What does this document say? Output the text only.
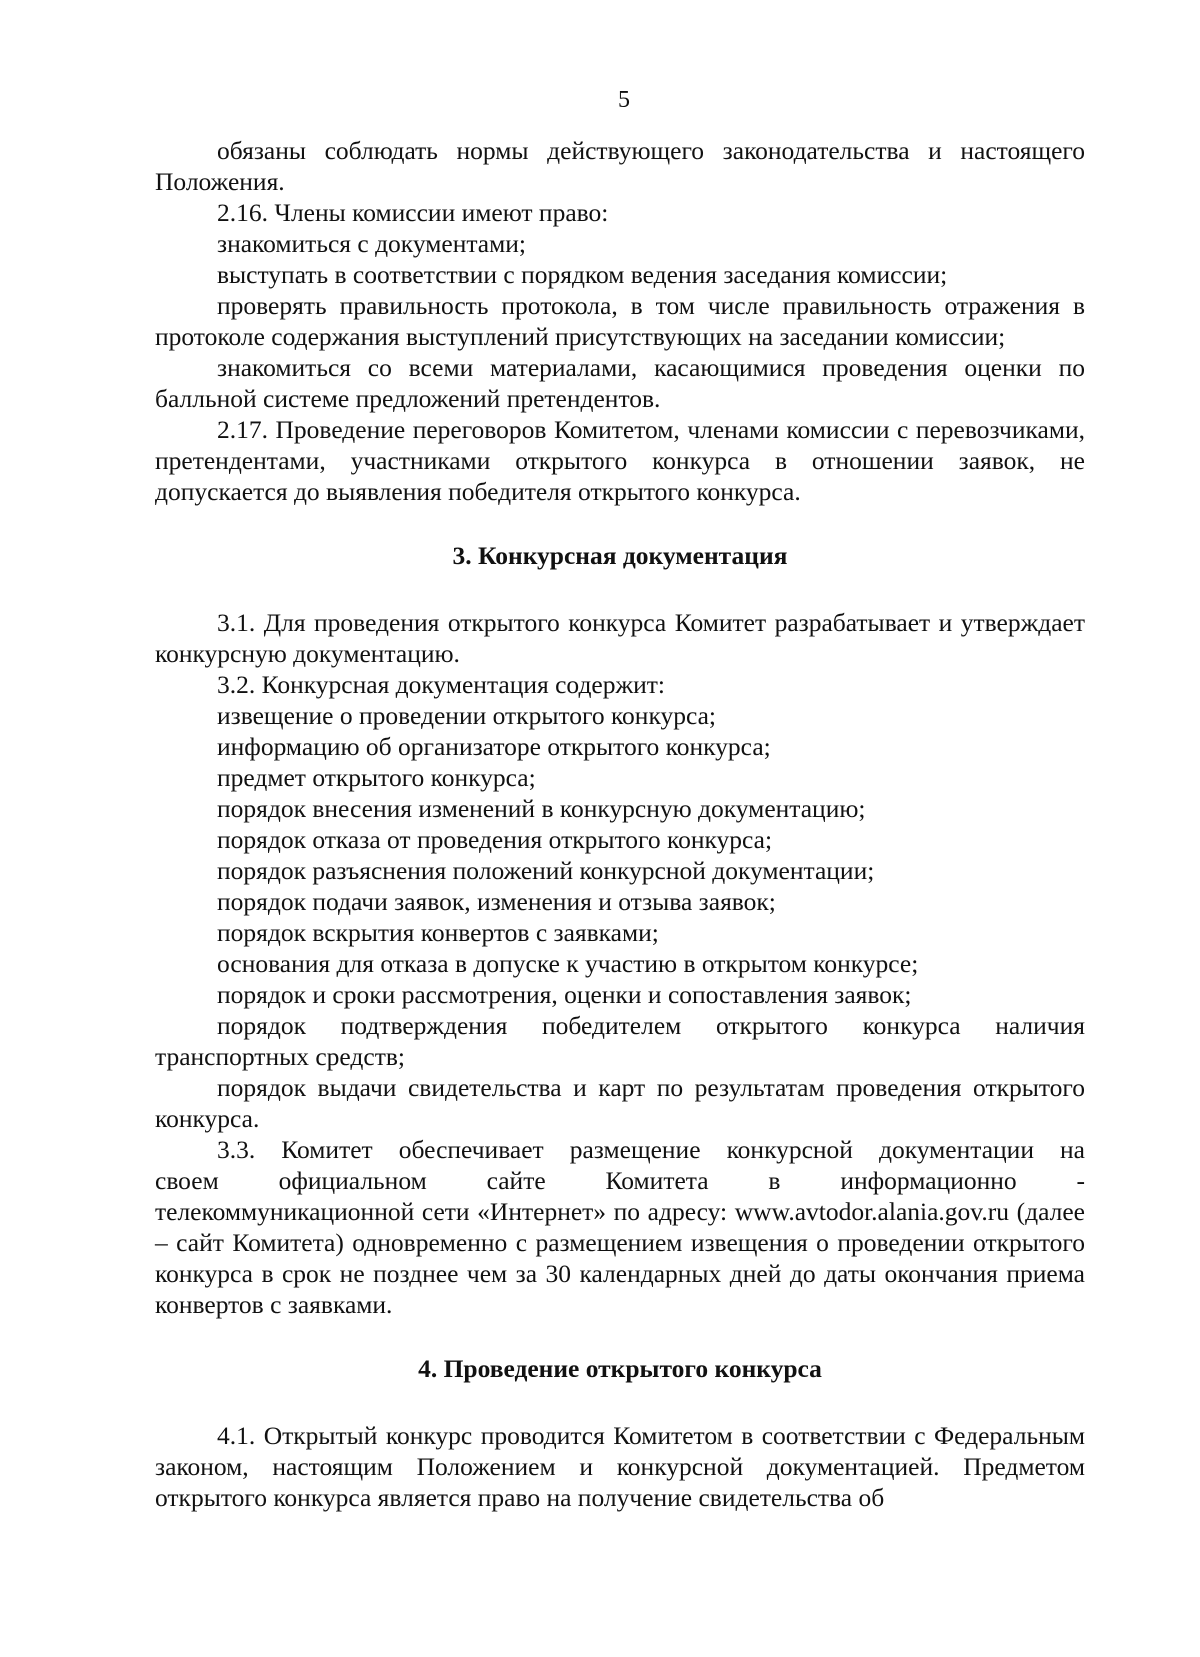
5

обязаны соблюдать нормы действующего законодательства и настоящего Положения.

2.16. Члены комиссии имеют право:

знакомиться с документами;

выступать в соответствии с порядком ведения заседания комиссии;

проверять правильность протокола, в том числе правильность отражения в протоколе содержания выступлений присутствующих на заседании комиссии;

знакомиться со всеми материалами, касающимися проведения оценки по балльной системе предложений претендентов.

2.17. Проведение переговоров Комитетом, членами комиссии с перевозчиками, претендентами, участниками открытого конкурса в отношении заявок, не допускается до выявления победителя открытого конкурса.

3. Конкурсная документация

3.1. Для проведения открытого конкурса Комитет разрабатывает и утверждает конкурсную документацию.

3.2. Конкурсная документация содержит:

извещение о проведении открытого конкурса;

информацию об организаторе открытого конкурса;

предмет открытого конкурса;

порядок внесения изменений в конкурсную документацию;

порядок отказа от проведения открытого конкурса;

порядок разъяснения положений конкурсной документации;

порядок подачи заявок, изменения и отзыва заявок;

порядок вскрытия конвертов с заявками;

основания для отказа в допуске к участию в открытом конкурсе;

порядок и сроки рассмотрения, оценки и сопоставления заявок;

порядок подтверждения победителем открытого конкурса наличия транспортных средств;

порядок выдачи свидетельства и карт по результатам проведения открытого конкурса.

3.3. Комитет обеспечивает размещение конкурсной документации на

своем официальном сайте Комитета в информационно -

телекоммуникационной сети «Интернет» по адресу: www.avtodor.alania.gov.ru (далее – сайт Комитета) одновременно с размещением извещения о проведении открытого конкурса в срок не позднее чем за 30 календарных дней до даты окончания приема конвертов с заявками.

4. Проведение открытого конкурса

4.1. Открытый конкурс проводится Комитетом в соответствии с Федеральным законом, настоящим Положением и конкурсной документацией. Предметом открытого конкурса является право на получение свидетельства об
